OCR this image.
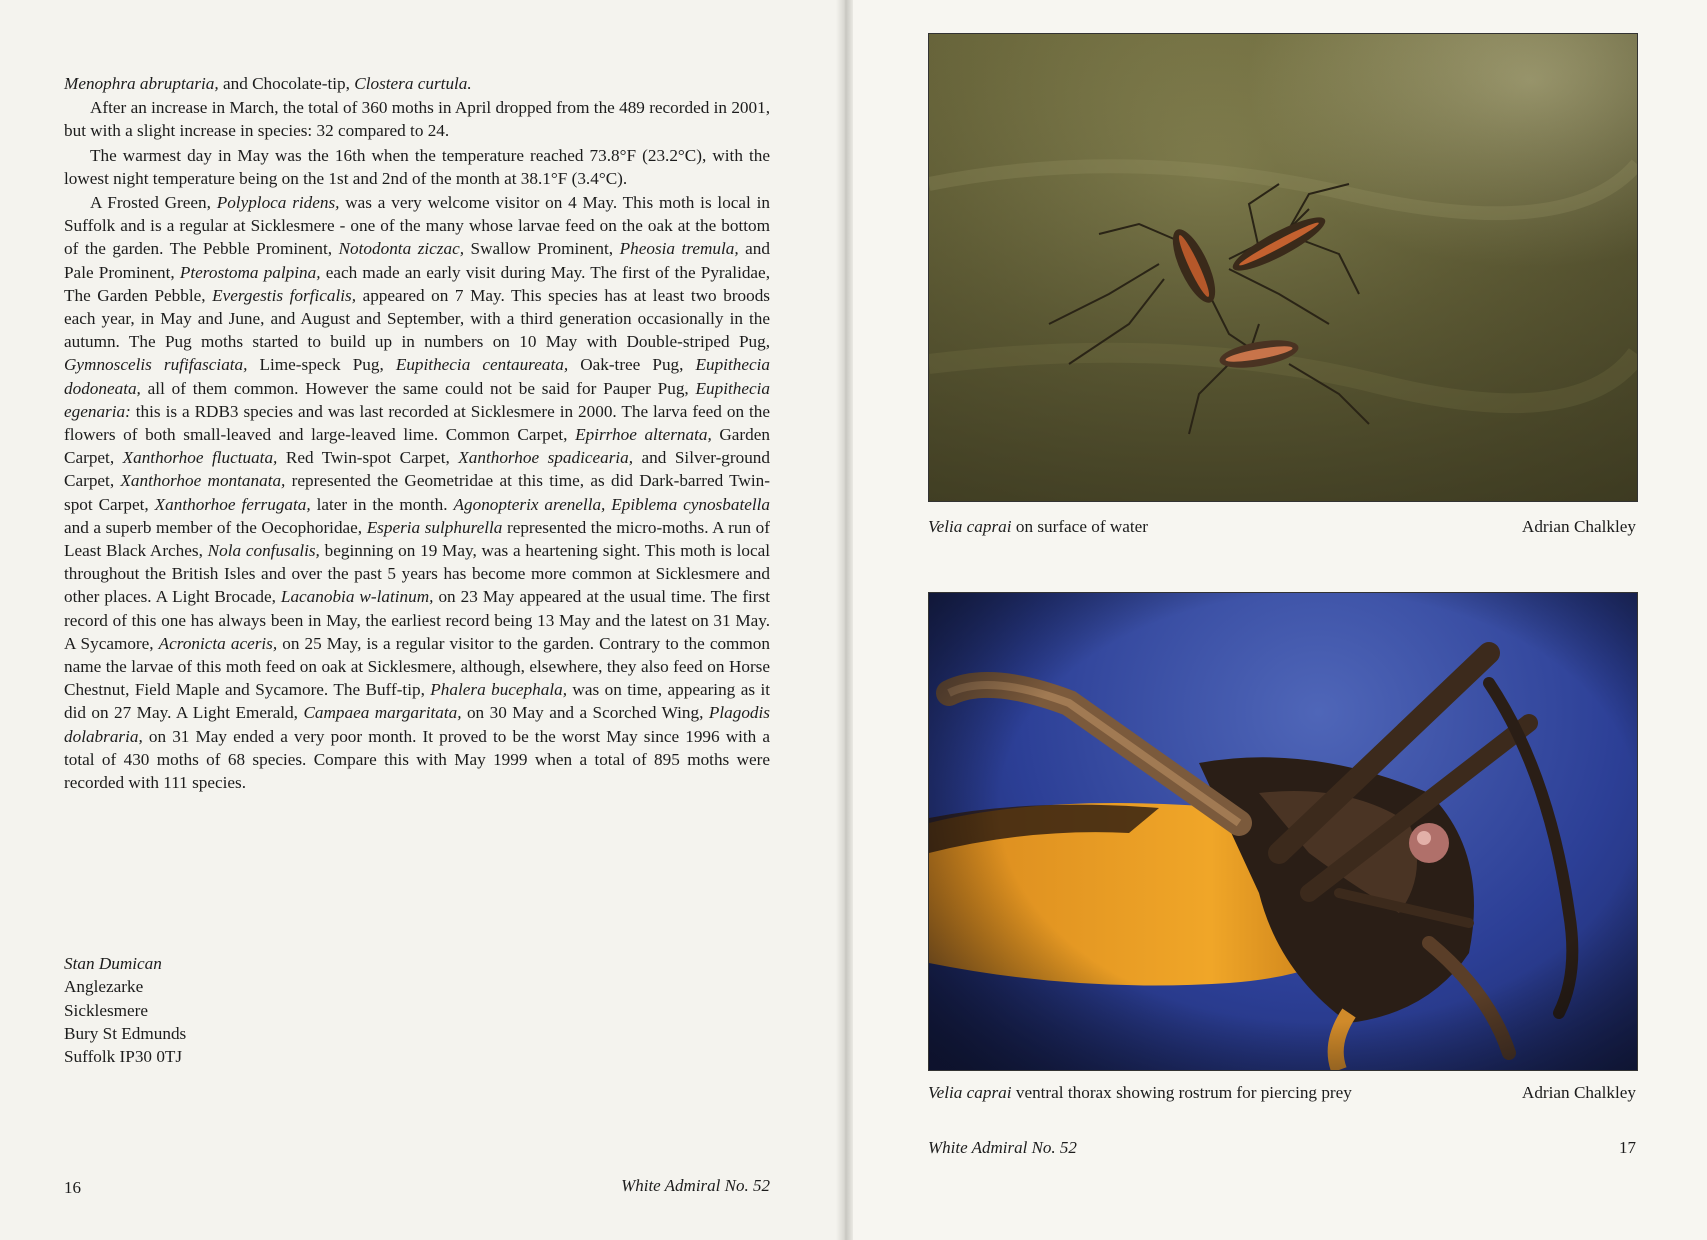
Menophra abruptaria, and Chocolate-tip, Clostera curtula.

After an increase in March, the total of 360 moths in April dropped from the 489 recorded in 2001, but with a slight increase in species: 32 compared to 24.

The warmest day in May was the 16th when the temperature reached 73.8°F (23.2°C), with the lowest night temperature being on the 1st and 2nd of the month at 38.1°F (3.4°C).

A Frosted Green, Polyploca ridens, was a very welcome visitor on 4 May. This moth is local in Suffolk and is a regular at Sicklesmere - one of the many whose larvae feed on the oak at the bottom of the garden. The Pebble Prominent, Notodonta ziczac, Swallow Prominent, Pheosia tremula, and Pale Prominent, Pterostoma palpina, each made an early visit during May. The first of the Pyralidae, The Garden Pebble, Evergestis forficalis, appeared on 7 May. This species has at least two broods each year, in May and June, and August and September, with a third generation occasionally in the autumn. The Pug moths started to build up in numbers on 10 May with Double-striped Pug, Gymnoscelis rufifasciata, Lime-speck Pug, Eupithecia centaureata, Oak-tree Pug, Eupithecia dodoneata, all of them common. However the same could not be said for Pauper Pug, Eupithecia egenaria: this is a RDB3 species and was last recorded at Sicklesmere in 2000. The larva feed on the flowers of both small-leaved and large-leaved lime. Common Carpet, Epirrhoe alternata, Garden Carpet, Xanthorhoe fluctuata, Red Twin-spot Carpet, Xanthorhoe spadicearia, and Silver-ground Carpet, Xanthorhoe montanata, represented the Geometridae at this time, as did Dark-barred Twin-spot Carpet, Xanthorhoe ferrugata, later in the month. Agonopterix arenella, Epiblema cynosbatella and a superb member of the Oecophoridae, Esperia sulphurella represented the micro-moths. A run of Least Black Arches, Nola confusalis, beginning on 19 May, was a heartening sight. This moth is local throughout the British Isles and over the past 5 years has become more common at Sicklesmere and other places. A Light Brocade, Lacanobia w-latinum, on 23 May appeared at the usual time. The first record of this one has always been in May, the earliest record being 13 May and the latest on 31 May. A Sycamore, Acronicta aceris, on 25 May, is a regular visitor to the garden. Contrary to the common name the larvae of this moth feed on oak at Sicklesmere, although, elsewhere, they also feed on Horse Chestnut, Field Maple and Sycamore. The Buff-tip, Phalera bucephala, was on time, appearing as it did on 27 May. A Light Emerald, Campaea margaritata, on 30 May and a Scorched Wing, Plagodis dolabraria, on 31 May ended a very poor month. It proved to be the worst May since 1996 with a total of 430 moths of 68 species. Compare this with May 1999 when a total of 895 moths were recorded with 111 species.

Stan Dumican
Anglezarke
Sicklesmere
Bury St Edmunds
Suffolk IP30 0TJ
16	White Admiral No. 52
Velia caprai on surface of water	Adrian Chalkley
Velia caprai ventral thorax showing rostrum for piercing prey	Adrian Chalkley
White Admiral No. 52	17
